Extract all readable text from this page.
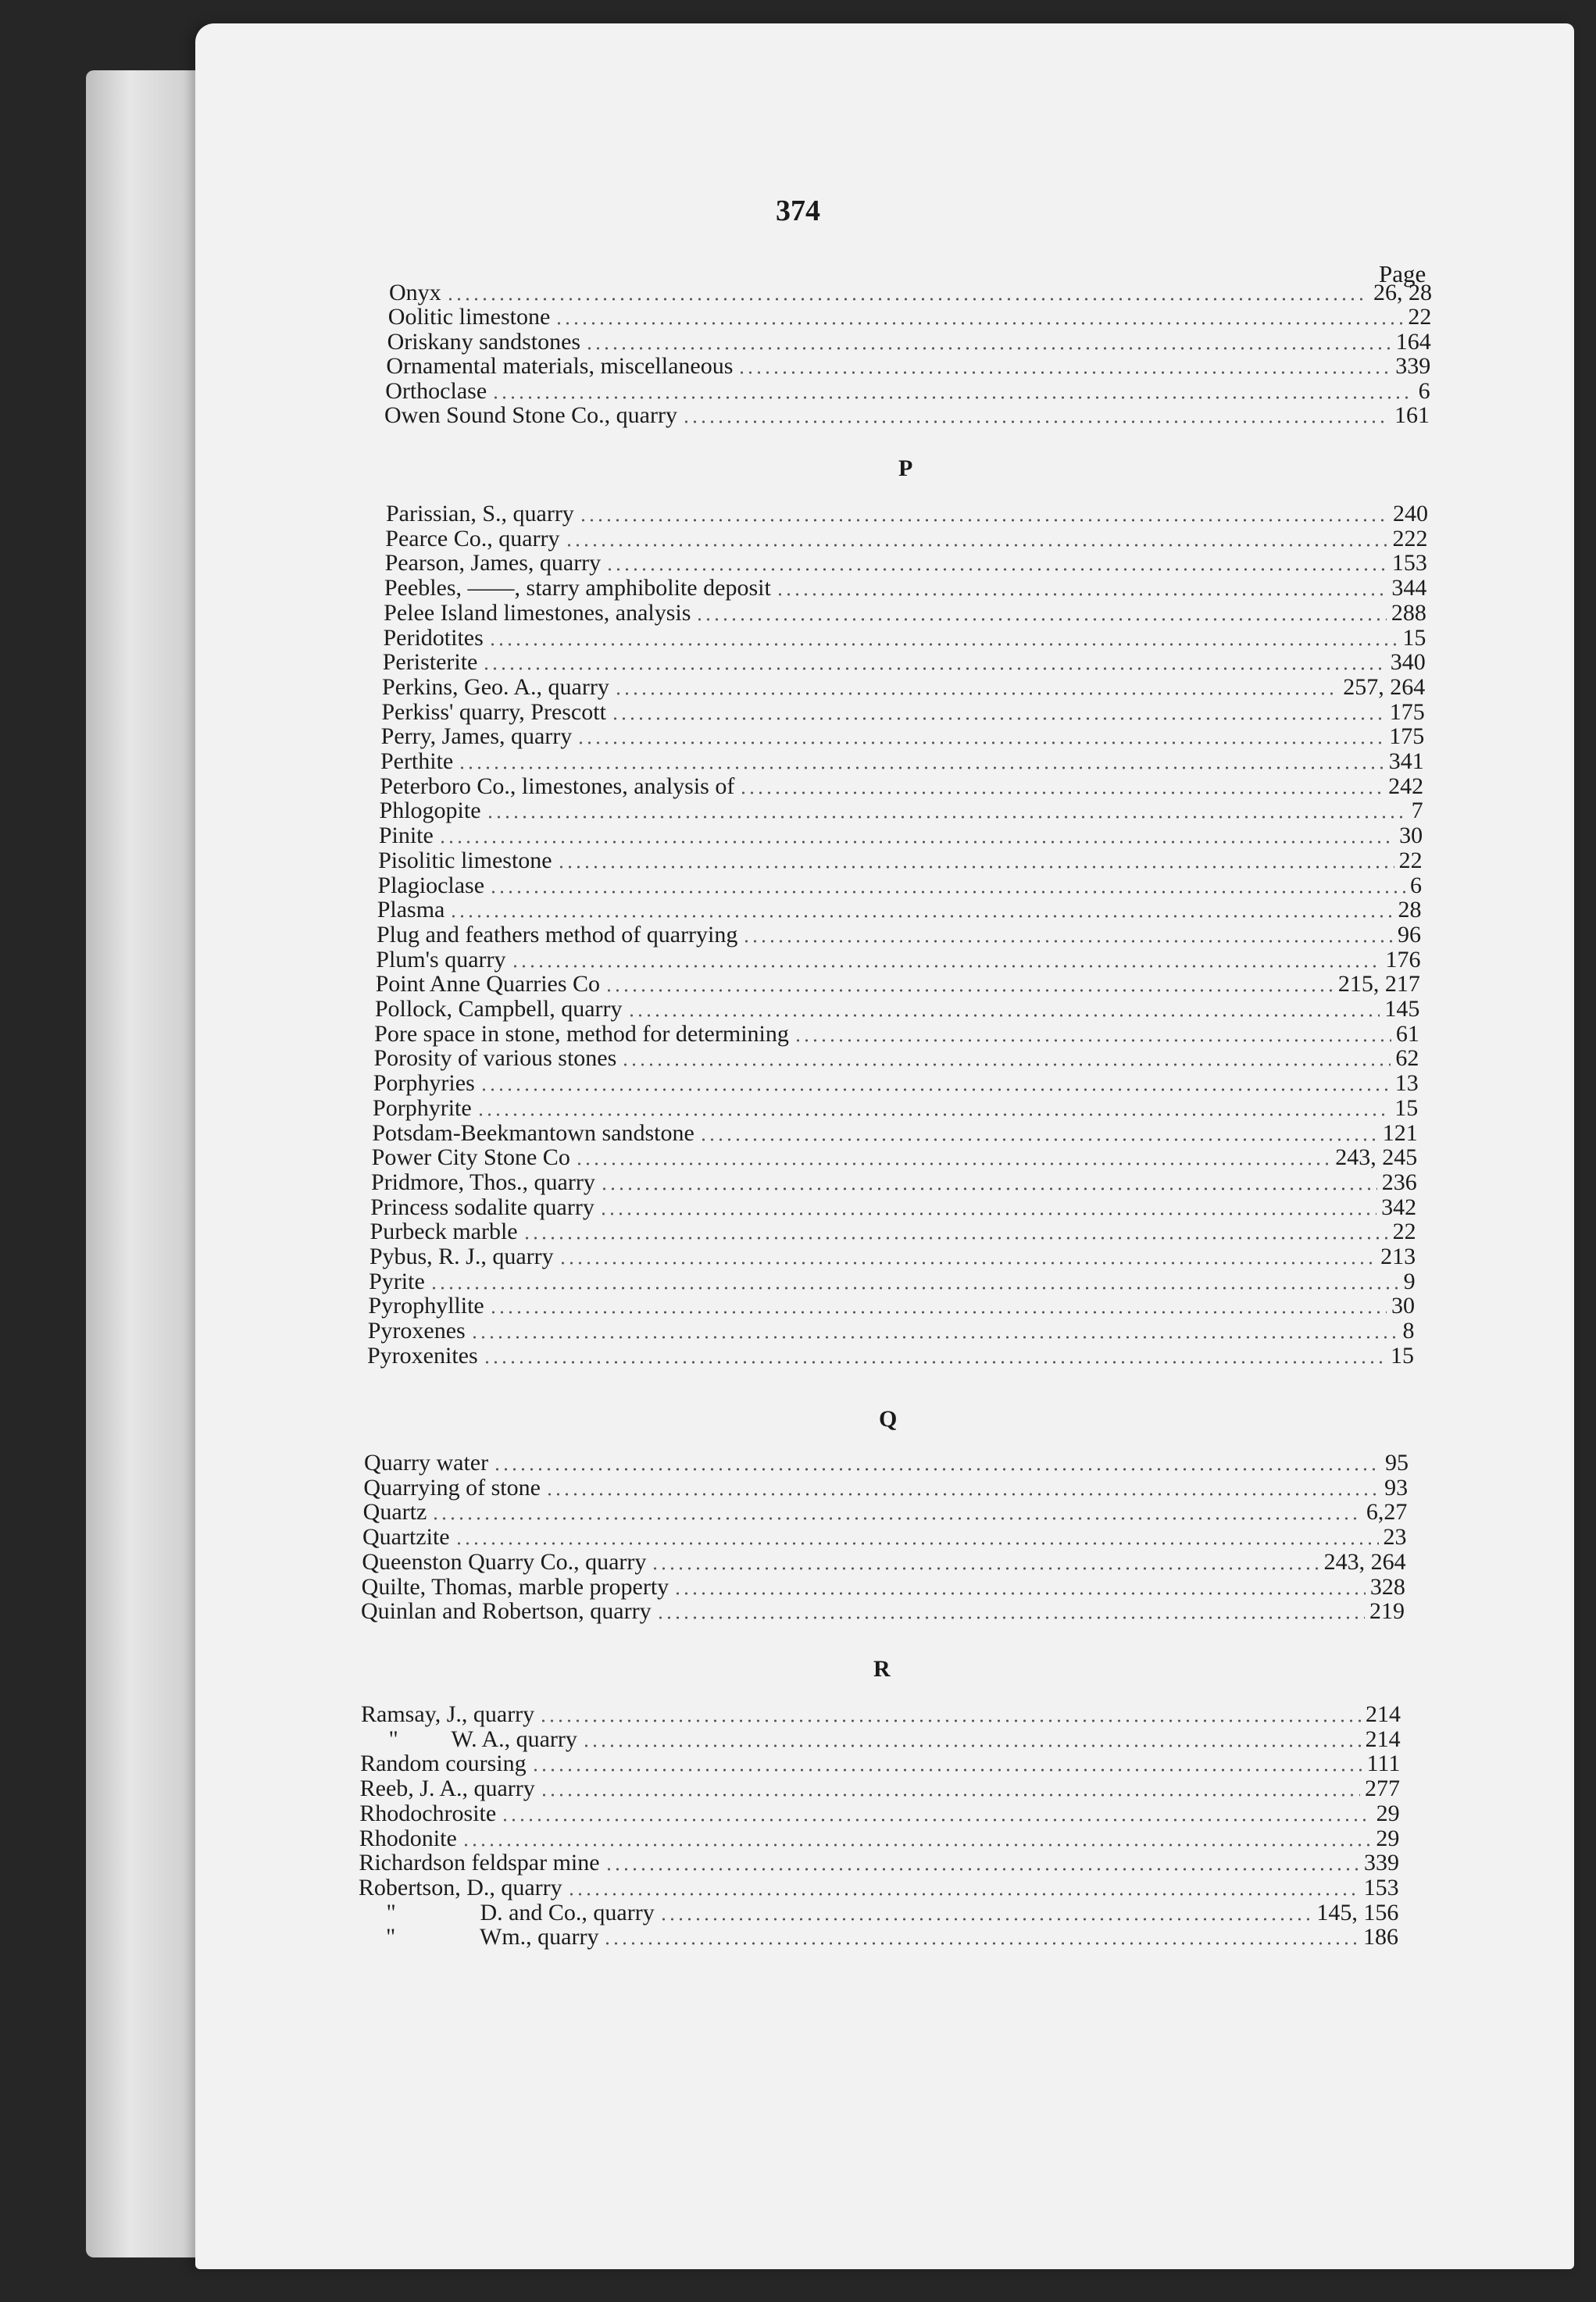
374
Page
Onyx	26, 28
Oolitic limestone	22
Oriskany sandstones	164
Ornamental materials, miscellaneous	339
Orthoclase	6
Owen Sound Stone Co., quarry	161
P
Parissian, S., quarry	240
Pearce Co., quarry	222
Pearson, James, quarry	153
Peebles, ——, starry amphibolite deposit	344
Pelee Island limestones, analysis	288
Peridotites	15
Peristerite	340
Perkins, Geo. A., quarry	257, 264
Perkiss' quarry, Prescott	175
Perry, James, quarry	175
Perthite	341
Peterboro Co., limestones, analysis of	242
Phlogopite	7
Pinite	30
Pisolitic limestone	22
Plagioclase	6
Plasma	28
Plug and feathers method of quarrying	96
Plum's quarry	176
Point Anne Quarries Co	215, 217
Pollock, Campbell, quarry	145
Pore space in stone, method for determining	61
Porosity of various stones	62
Porphyries	13
Porphyrite	15
Potsdam-Beekmantown sandstone	121
Power City Stone Co	243, 245
Pridmore, Thos., quarry	236
Princess sodalite quarry	342
Purbeck marble	22
Pybus, R. J., quarry	213
Pyrite	9
Pyrophyllite	30
Pyroxenes	8
Pyroxenites	15
Q
Quarry water	95
Quarrying of stone	93
Quartz	6,27
Quartzite	23
Queenston Quarry Co., quarry	243, 264
Quilte, Thomas, marble property	328
Quinlan and Robertson, quarry	219
R
Ramsay, J., quarry	214
"	W. A., quarry	214
Random coursing	111
Reeb, J. A., quarry	277
Rhodochrosite	29
Rhodonite	29
Richardson feldspar mine	339
Robertson, D., quarry	153
"	D. and Co., quarry	145, 156
"	Wm., quarry	186
